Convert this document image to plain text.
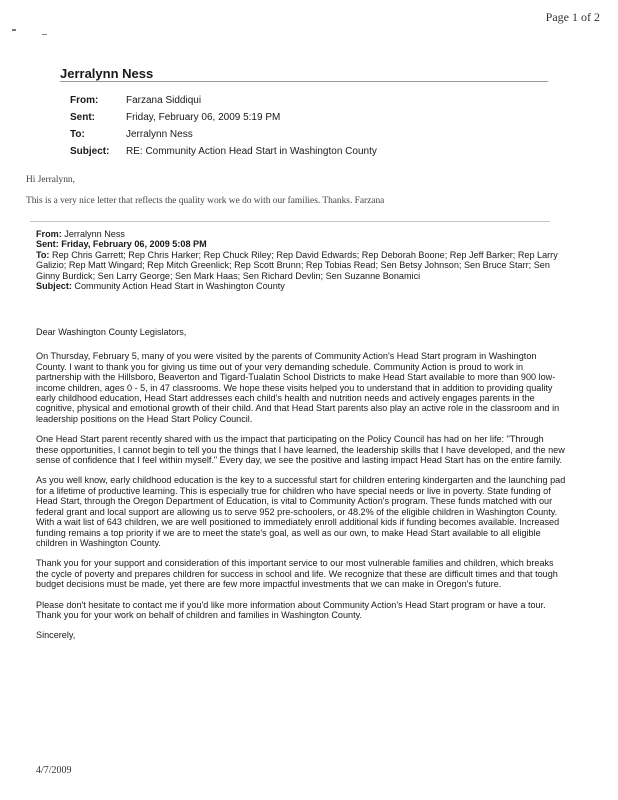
Page 1 of 2
Jerralynn Ness
From:	Farzana Siddiqui
Sent:	Friday, February 06, 2009 5:19 PM
To:	Jerralynn Ness
Subject:	RE: Community Action Head Start in Washington County
Hi Jerralynn,
This is a very nice letter that reflects the quality work we do with our families. Thanks. Farzana
From: Jerralynn Ness
Sent: Friday, February 06, 2009 5:08 PM
To: Rep Chris Garrett; Rep Chris Harker; Rep Chuck Riley; Rep David Edwards; Rep Deborah Boone; Rep Jeff Barker; Rep Larry Galizio; Rep Matt Wingard; Rep Mitch Greenlick; Rep Scott Brunn; Rep Tobias Read; Sen Betsy Johnson; Sen Bruce Starr; Sen Ginny Burdick; Sen Larry George; Sen Mark Haas; Sen Richard Devlin; Sen Suzanne Bonamici
Subject: Community Action Head Start in Washington County

Dear Washington County Legislators,

On Thursday, February 5, many of you were visited by the parents of Community Action's Head Start program in Washington County. I want to thank you for giving us time out of your very demanding schedule. Community Action is proud to work in partnership with the Hillsboro, Beaverton and Tigard-Tualatin School Districts to make Head Start available to more than 900 low-income children, ages 0 - 5, in 47 classrooms. We hope these visits helped you to understand that in addition to providing quality early childhood education, Head Start addresses each child's health and nutrition needs and actively engages parents in the cognitive, physical and emotional growth of their child. And that Head Start parents also play an active role in the classroom and in leadership positions on the Head Start Policy Council.

One Head Start parent recently shared with us the impact that participating on the Policy Council has had on her life: "Through these opportunities, I cannot begin to tell you the things that I have learned, the leadership skills that I have developed, and the new sense of confidence that I feel within myself." Every day, we see the positive and lasting impact Head Start has on the entire family.

As you well know, early childhood education is the key to a successful start for children entering kindergarten and the launching pad for a lifetime of productive learning. This is especially true for children who have special needs or live in poverty. State funding of Head Start, through the Oregon Department of Education, is vital to Community Action's program. These funds matched with our federal grant and local support are allowing us to serve 952 pre-schoolers, or 48.2% of the eligible children in Washington County. With a wait list of 643 children, we are well positioned to immediately enroll additional kids if funding becomes available. Increased funding remains a top priority if we are to meet the state's goal, as well as our own, to make Head Start available to all eligible children in Washington County.

Thank you for your support and consideration of this important service to our most vulnerable families and children, which breaks the cycle of poverty and prepares children for success in school and life. We recognize that these are difficult times and that tough budget decisions must be made, yet there are few more impactful investments that we can make in Oregon's future.

Please don't hesitate to contact me if you'd like more information about Community Action's Head Start program or have a tour. Thank you for your work on behalf of children and families in Washington County.

Sincerely,

4/7/2009
